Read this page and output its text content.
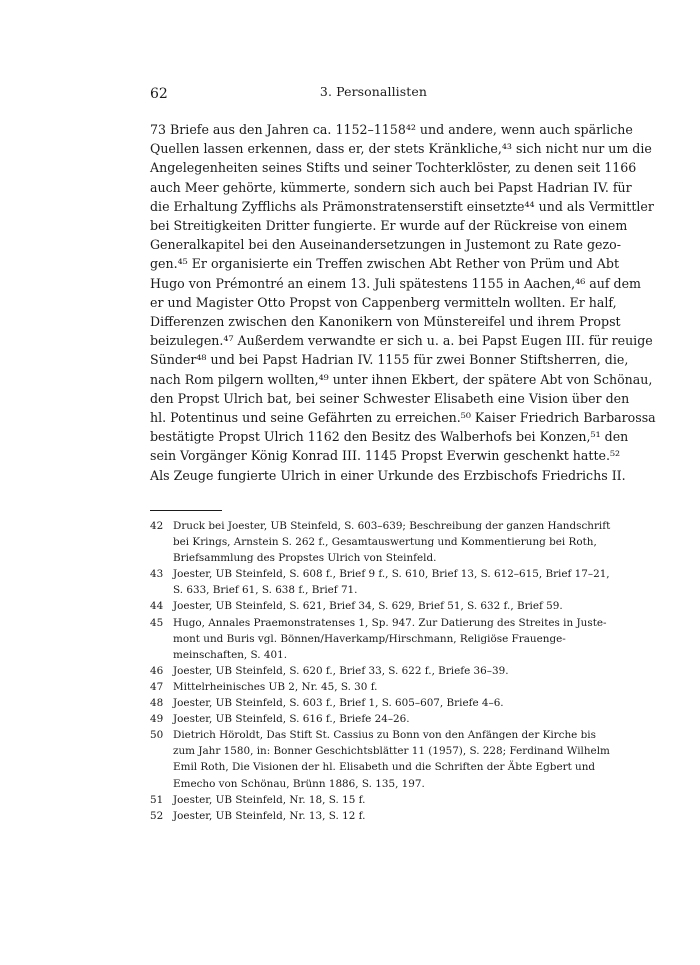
62	3. Personallisten
73 Briefe aus den Jahren ca. 1152–1158⁴² und andere, wenn auch spärliche
Quellen lassen erkennen, dass er, der stets Kränkliche,⁴³ sich nicht nur um die
Angelegenheiten seines Stifts und seiner Tochterklöster, zu denen seit 1166
auch Meer gehörte, kümmerte, sondern sich auch bei Papst Hadrian IV. für
die Erhaltung Zyfflichs als Prämonstratenserstift einsetzte⁴⁴ und als Vermittler
bei Streitigkeiten Dritter fungierte. Er wurde auf der Rückreise von einem
Generalkapitel bei den Auseinandersetzungen in Justemont zu Rate gezo-
gen.⁴⁵ Er organisierte ein Treffen zwischen Abt Rether von Prüm und Abt
Hugo von Prémontré an einem 13. Juli spätestens 1155 in Aachen,⁴⁶ auf dem
er und Magister Otto Propst von Cappenberg vermitteln wollten. Er half,
Differenzen zwischen den Kanonikern von Münstereifel und ihrem Propst
beizulegen.⁴⁷ Außerdem verwandte er sich u. a. bei Papst Eugen III. für reuige
Sünder⁴⁸ und bei Papst Hadrian IV. 1155 für zwei Bonner Stiftsherren, die,
nach Rom pilgern wollten,⁴⁹ unter ihnen Ekbert, der spätere Abt von Schönau,
den Propst Ulrich bat, bei seiner Schwester Elisabeth eine Vision über den
hl. Potentinus und seine Gefährten zu erreichen.⁵⁰ Kaiser Friedrich Barbarossa
bestätigte Propst Ulrich 1162 den Besitz des Walberhofs bei Konzen,⁵¹ den
sein Vorgänger König Konrad III. 1145 Propst Everwin geschenkt hatte.⁵²
Als Zeuge fungierte Ulrich in einer Urkunde des Erzbischofs Friedrichs II.
42 Druck bei Joester, UB Steinfeld, S. 603–639; Beschreibung der ganzen Handschrift
bei Krings, Arnstein S. 262 f., Gesamtauswertung und Kommentierung bei Roth,
Briefsammlung des Propstes Ulrich von Steinfeld.
43 Joester, UB Steinfeld, S. 608 f., Brief 9 f., S. 610, Brief 13, S. 612–615, Brief 17–21,
S. 633, Brief 61, S. 638 f., Brief 71.
44 Joester, UB Steinfeld, S. 621, Brief 34, S. 629, Brief 51, S. 632 f., Brief 59.
45 Hugo, Annales Praemonstratenses 1, Sp. 947. Zur Datierung des Streites in Juste-
mont und Buris vgl. Bönnen/Haverkamp/Hirschmann, Religiöse Frauenge-
meinschaften, S. 401.
46 Joester, UB Steinfeld, S. 620 f., Brief 33, S. 622 f., Briefe 36–39.
47 Mittelrheinisches UB 2, Nr. 45, S. 30 f.
48 Joester, UB Steinfeld, S. 603 f., Brief 1, S. 605–607, Briefe 4–6.
49 Joester, UB Steinfeld, S. 616 f., Briefe 24–26.
50 Dietrich Höroldt, Das Stift St. Cassius zu Bonn von den Anfängen der Kirche bis
zum Jahr 1580, in: Bonner Geschichtsblätter 11 (1957), S. 228; Ferdinand Wilhelm
Emil Roth, Die Visionen der hl. Elisabeth und die Schriften der Äbte Egbert und
Emecho von Schönau, Brünn 1886, S. 135, 197.
51 Joester, UB Steinfeld, Nr. 18, S. 15 f.
52 Joester, UB Steinfeld, Nr. 13, S. 12 f.
